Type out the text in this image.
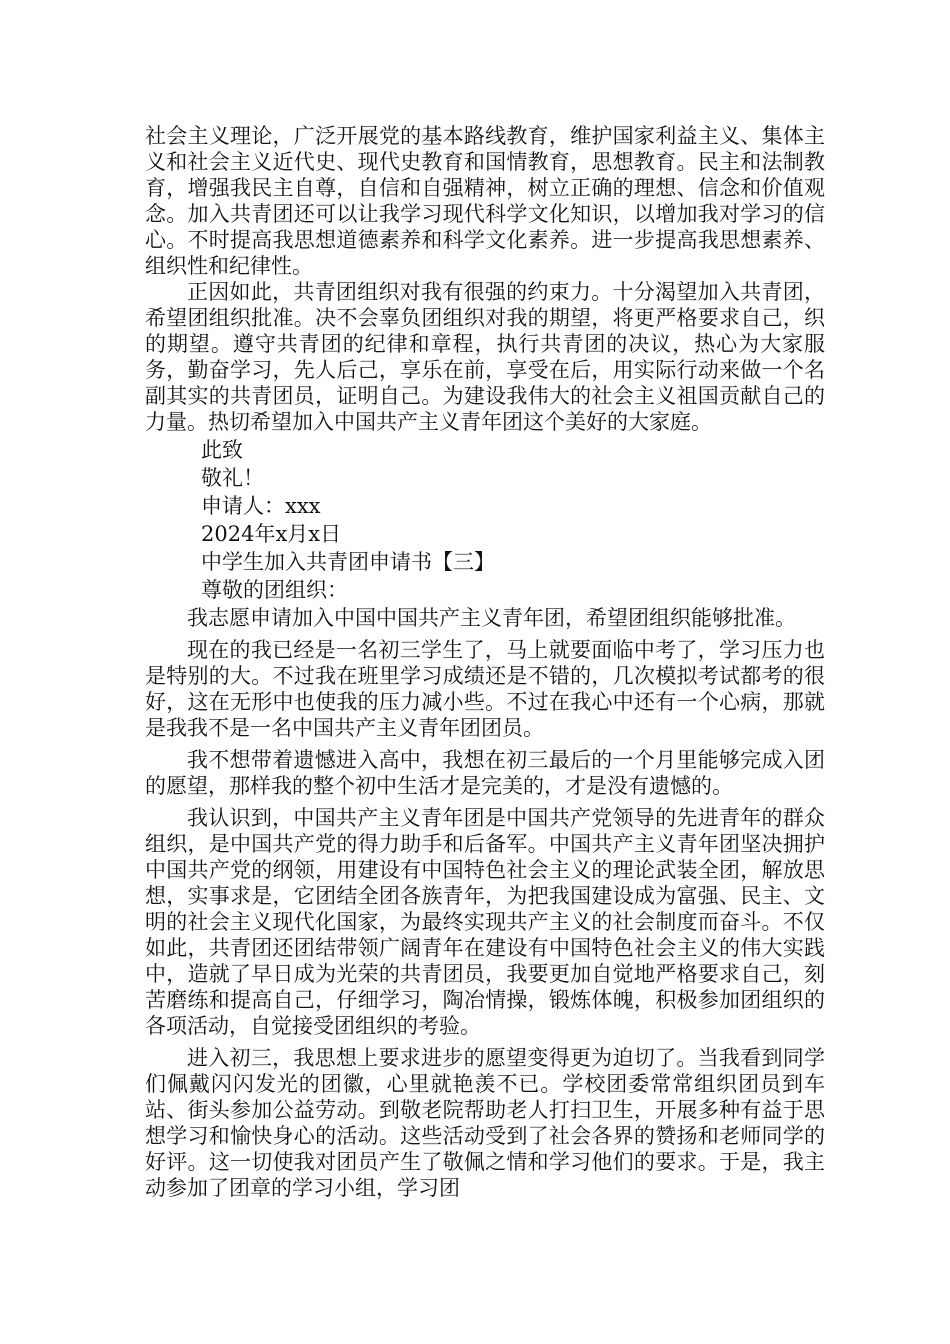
社会主义理论，广泛开展党的基本路线教育，维护国家利益主义、集体主义和社会主义近代史、现代史教育和国情教育，思想教育。民主和法制教育，增强我民主自尊，自信和自强精神，树立正确的理想、信念和价值观念。加入共青团还可以让我学习现代科学文化知识，以增加我对学习的信心。不时提高我思想道德素养和科学文化素养。进一步提高我思想素养、组织性和纪律性。

正因如此，共青团组织对我有很强的约束力。十分渴望加入共青团，希望团组织批准。决不会辜负团组织对我的期望，将更严格要求自己，织的期望。遵守共青团的纪律和章程，执行共青团的决议，热心为大家服务，勤奋学习，先人后己，享乐在前，享受在后，用实际行动来做一个名副其实的共青团员，证明自己。为建设我伟大的社会主义祖国贡献自己的力量。热切希望加入中国共产主义青年团这个美好的大家庭。

此致

敬礼！

申请人：xxx

2024年x月x日

中学生加入共青团申请书【三】

尊敬的团组织：

我志愿申请加入中国中国共产主义青年团，希望团组织能够批准。

现在的我已经是一名初三学生了，马上就要面临中考了，学习压力也是特别的大。不过我在班里学习成绩还是不错的，几次模拟考试都考的很好，这在无形中也使我的压力减小些。不过在我心中还有一个心病，那就是我我不是一名中国共产主义青年团团员。

我不想带着遗憾进入高中，我想在初三最后的一个月里能够完成入团的愿望，那样我的整个初中生活才是完美的，才是没有遗憾的。

我认识到，中国共产主义青年团是中国共产党领导的先进青年的群众组织，是中国共产党的得力助手和后备军。中国共产主义青年团坚决拥护中国共产党的纲领，用建设有中国特色社会主义的理论武装全团，解放思想，实事求是，它团结全团各族青年，为把我国建设成为富强、民主、文明的社会主义现代化国家，为最终实现共产主义的社会制度而奋斗。不仅如此，共青团还团结带领广阔青年在建设有中国特色社会主义的伟大实践中，造就了早日成为光荣的共青团员，我要更加自觉地严格要求自己，刻苦磨练和提高自己，仔细学习，陶冶情操，锻炼体魄，积极参加团组织的各项活动，自觉接受团组织的考验。

进入初三，我思想上要求进步的愿望变得更为迫切了。当我看到同学们佩戴闪闪发光的团徽，心里就艳羡不已。学校团委常常组织团员到车站、街头参加公益劳动。到敬老院帮助老人打扫卫生，开展多种有益于思想学习和愉快身心的活动。这些活动受到了社会各界的赞扬和老师同学的好评。这一切使我对团员产生了敬佩之情和学习他们的要求。于是，我主动参加了团章的学习小组，学习团
